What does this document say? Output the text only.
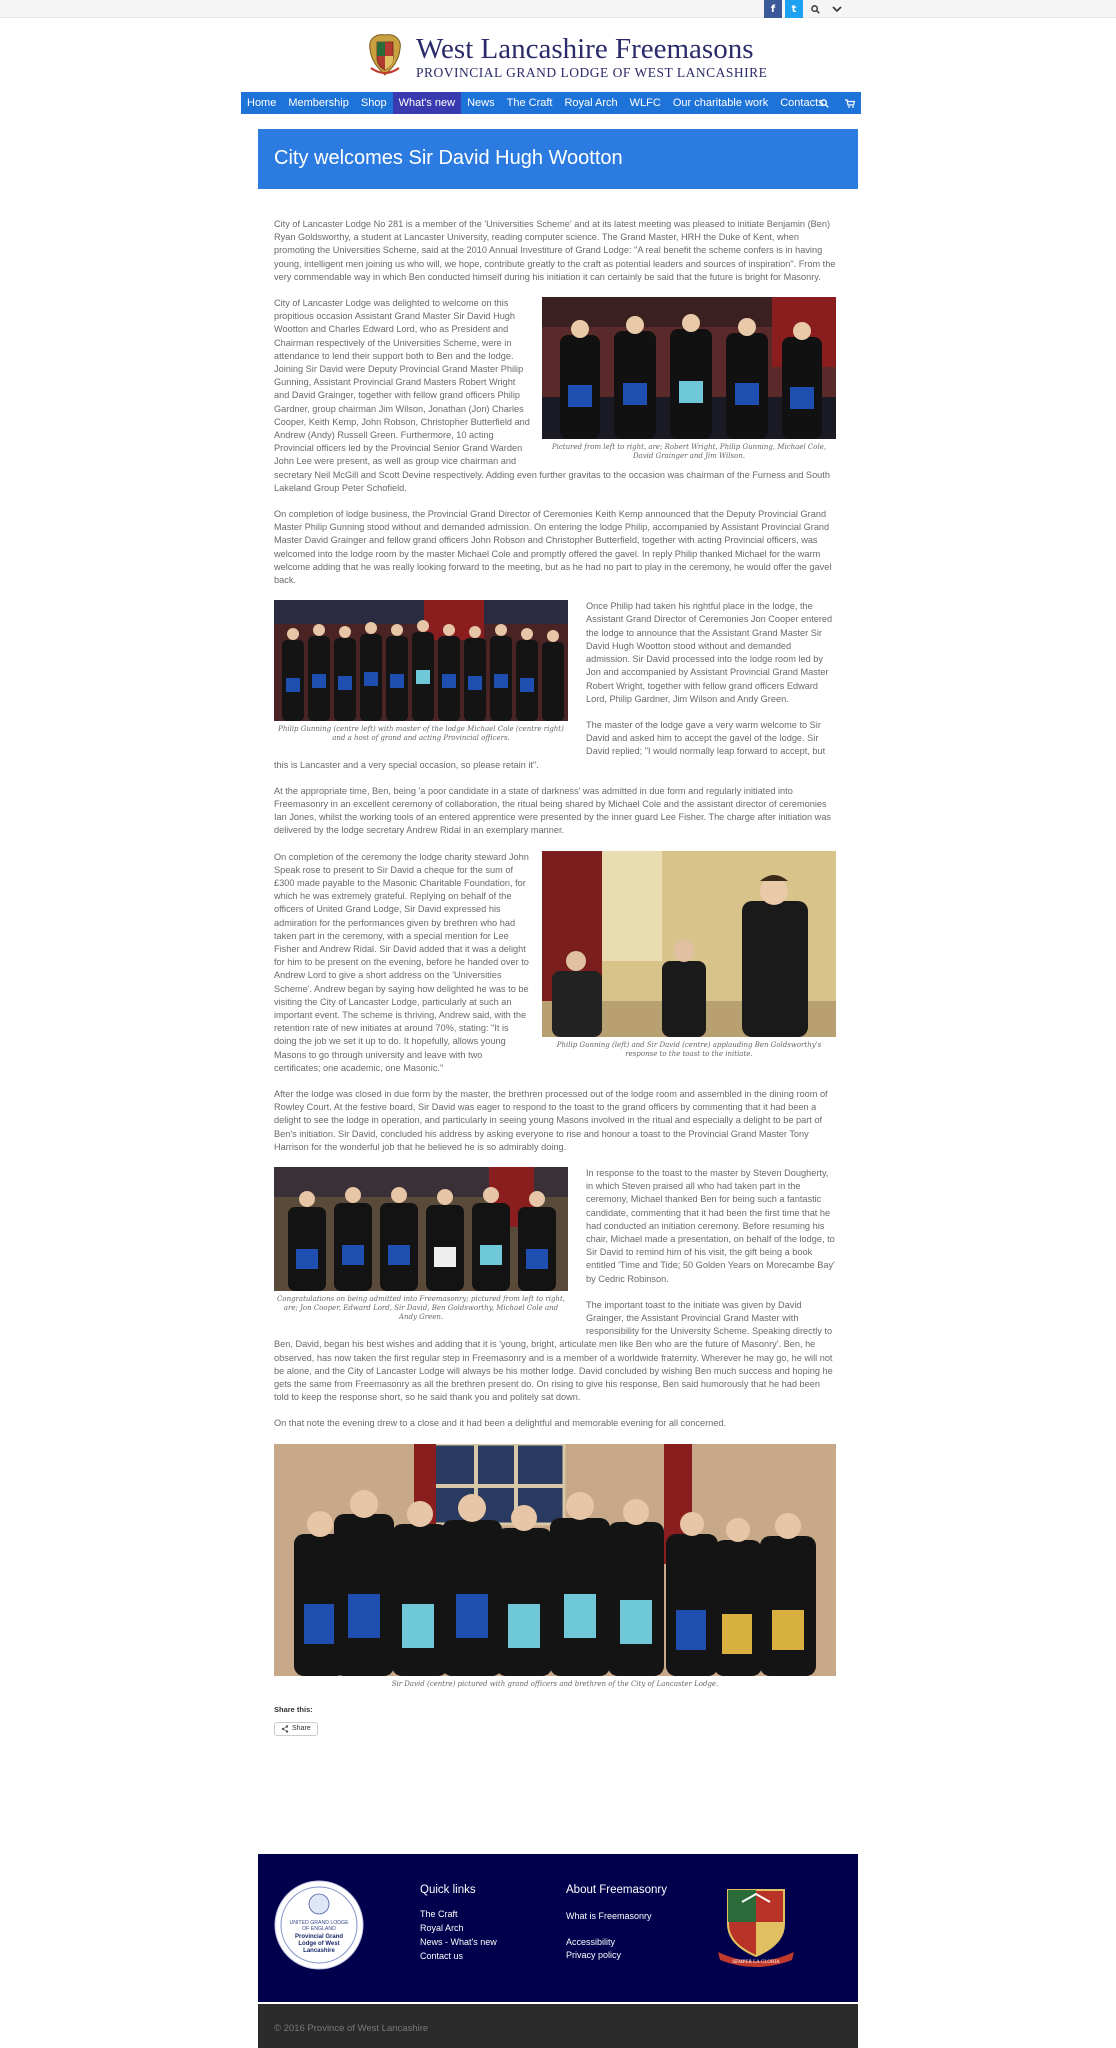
f	t
West Lancashire Freemasons
PROVINCIAL GRAND LODGE OF WEST LANCASHIRE
Home	Membership	Shop	What's new	News	The Craft	Royal Arch	WLFC	Our charitable work	Contacts
City welcomes Sir David Hugh Wootton

City of Lancaster Lodge No 281 is a member of the 'Universities Scheme' and at its latest meeting was pleased to initiate Benjamin (Ben) Ryan Goldsworthy, a student at Lancaster University, reading computer science. The Grand Master, HRH the Duke of Kent, when promoting the Universities Scheme, said at the 2010 Annual Investiture of Grand Lodge: "A real benefit the scheme confers is in having young, intelligent men joining us who will, we hope, contribute greatly to the craft as potential leaders and sources of inspiration". From the very commendable way in which Ben conducted himself during his initiation it can certainly be said that the future is bright for Masonry.

Pictured from left to right, are; Robert Wright, Philip Gunning, Michael Cole, David Grainger and Jim Wilson.

City of Lancaster Lodge was delighted to welcome on this propitious occasion Assistant Grand Master Sir David Hugh Wootton and Charles Edward Lord, who as President and Chairman respectively of the Universities Scheme, were in attendance to lend their support both to Ben and the lodge. Joining Sir David were Deputy Provincial Grand Master Philip Gunning, Assistant Provincial Grand Masters Robert Wright and David Grainger, together with fellow grand officers Philip Gardner, group chairman Jim Wilson, Jonathan (Jon) Charles Cooper, Keith Kemp, John Robson, Christopher Butterfield and Andrew (Andy) Russell Green. Furthermore, 10 acting Provincial officers led by the Provincial Senior Grand Warden John Lee were present, as well as group vice chairman and secretary Neil McGill and Scott Devine respectively. Adding even further gravitas to the occasion was chairman of the Furness and South Lakeland Group Peter Schofield.

On completion of lodge business, the Provincial Grand Director of Ceremonies Keith Kemp announced that the Deputy Provincial Grand Master Philip Gunning stood without and demanded admission. On entering the lodge Philip, accompanied by Assistant Provincial Grand Master David Grainger and fellow grand officers John Robson and Christopher Butterfield, together with acting Provincial officers, was welcomed into the lodge room by the master Michael Cole and promptly offered the gavel. In reply Philip thanked Michael for the warm welcome adding that he was really looking forward to the meeting, but as he had no part to play in the ceremony, he would offer the gavel back.

Philip Gunning (centre left) with master of the lodge Michael Cole (centre right) and a host of grand and acting Provincial officers.

Once Philip had taken his rightful place in the lodge, the Assistant Grand Director of Ceremonies Jon Cooper entered the lodge to announce that the Assistant Grand Master Sir David Hugh Wootton stood without and demanded admission. Sir David processed into the lodge room led by Jon and accompanied by Assistant Provincial Grand Master Robert Wright, together with fellow grand officers Edward Lord, Philip Gardner, Jim Wilson and Andy Green.

The master of the lodge gave a very warm welcome to Sir David and asked him to accept the gavel of the lodge. Sir David replied; "I would normally leap forward to accept, but this is Lancaster and a very special occasion, so please retain it".

At the appropriate time, Ben, being 'a poor candidate in a state of darkness' was admitted in due form and regularly initiated into Freemasonry in an excellent ceremony of collaboration, the ritual being shared by Michael Cole and the assistant director of ceremonies Ian Jones, whilst the working tools of an entered apprentice were presented by the inner guard Lee Fisher. The charge after initiation was delivered by the lodge secretary Andrew Ridal in an exemplary manner.

Philip Gunning (left) and Sir David (centre) applauding Ben Goldsworthy's response to the toast to the initiate.

On completion of the ceremony the lodge charity steward John Speak rose to present to Sir David a cheque for the sum of £300 made payable to the Masonic Charitable Foundation, for which he was extremely grateful. Replying on behalf of the officers of United Grand Lodge, Sir David expressed his admiration for the performances given by brethren who had taken part in the ceremony, with a special mention for Lee Fisher and Andrew Ridal. Sir David added that it was a delight for him to be present on the evening, before he handed over to Andrew Lord to give a short address on the 'Universities Scheme'. Andrew began by saying how delighted he was to be visiting the City of Lancaster Lodge, particularly at such an important event. The scheme is thriving, Andrew said, with the retention rate of new initiates at around 70%, stating: "It is doing the job we set it up to do. It hopefully, allows young Masons to go through university and leave with two certificates; one academic, one Masonic."

After the lodge was closed in due form by the master, the brethren processed out of the lodge room and assembled in the dining room of Rowley Court. At the festive board, Sir David was eager to respond to the toast to the grand officers by commenting that it had been a delight to see the lodge in operation, and particularly in seeing young Masons involved in the ritual and especially a delight to be part of Ben's initiation. Sir David, concluded his address by asking everyone to rise and honour a toast to the Provincial Grand Master Tony Harrison for the wonderful job that he believed he is so admirably doing.

Congratulations on being admitted into Freemasonry; pictured from left to right, are; Jon Cooper, Edward Lord, Sir David, Ben Goldsworthy, Michael Cole and Andy Green.

In response to the toast to the master by Steven Dougherty, in which Steven praised all who had taken part in the ceremony, Michael thanked Ben for being such a fantastic candidate, commenting that it had been the first time that he had conducted an initiation ceremony. Before resuming his chair, Michael made a presentation, on behalf of the lodge, to Sir David to remind him of his visit, the gift being a book entitled 'Time and Tide; 50 Golden Years on Morecambe Bay' by Cedric Robinson.

The important toast to the initiate was given by David Grainger, the Assistant Provincial Grand Master with responsibility for the University Scheme. Speaking directly to Ben, David, began his best wishes and adding that it is 'young, bright, articulate men like Ben who are the future of Masonry'. Ben, he observed, has now taken the first regular step in Freemasonry and is a member of a worldwide fraternity. Wherever he may go, he will not be alone, and the City of Lancaster Lodge will always be his mother lodge. David concluded by wishing Ben much success and hoping he gets the same from Freemasonry as all the brethren present do. On rising to give his response, Ben said humorously that he had been told to keep the response short, so he said thank you and politely sat down.

On that note the evening drew to a close and it had been a delightful and memorable evening for all concerned.

Sir David (centre) pictured with grand officers and brethren of the City of Lancaster Lodge.
Share this:
Share
UNITED GRAND LODGE
OF ENGLAND
Provincial Grand
Lodge of West
Lancashire
Quick links
The Craft
Royal Arch
News - What's new
Contact us
About Freemasonry
What is Freemasonry
Accessibility
Privacy policy
SEMPER LA GLORIA
© 2016 Province of West Lancashire
